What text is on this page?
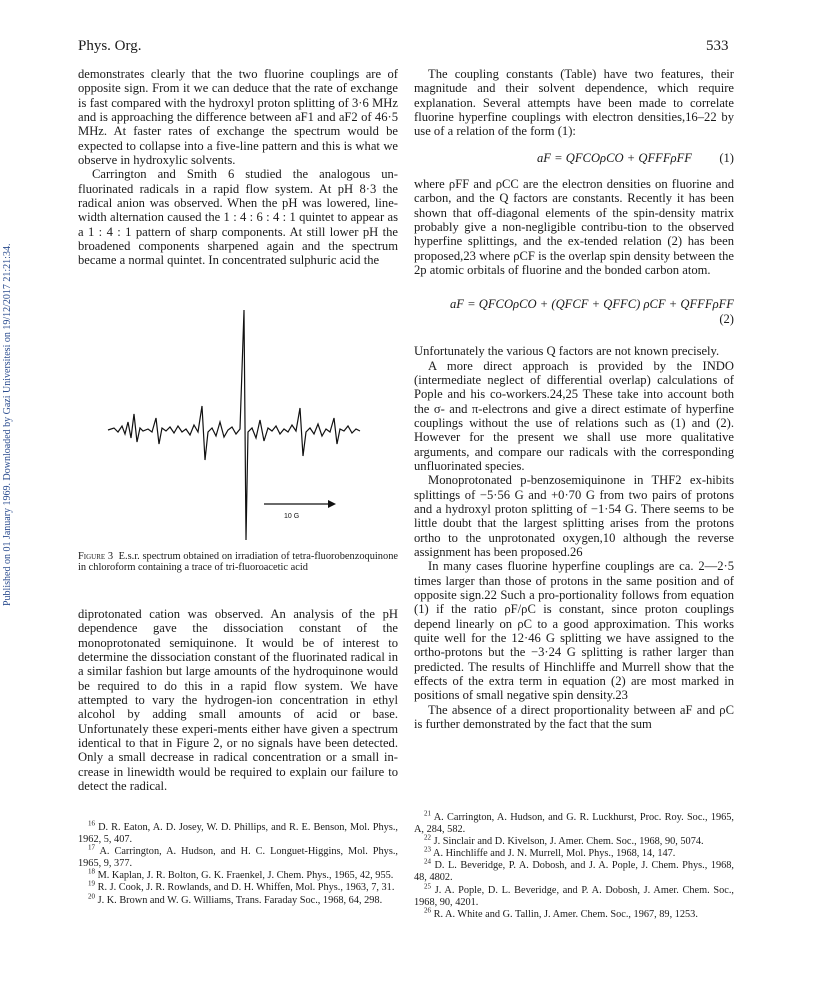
Phys. Org.	533
Published on 01 January 1969. Downloaded by Gazi Universitesi on 19/12/2017 21:21:34.

demonstrates clearly that the two fluorine couplings are of opposite sign. From it we can deduce that the rate of exchange is fast compared with the hydroxyl proton splitting of 3·6 MHz and is approaching the difference between aF1 and aF2 of 46·5 MHz. At faster rates of exchange the spectrum would be expected to collapse into a five-line pattern and this is what we observe in hydroxylic solvents.

Carrington and Smith 6 studied the analogous un-fluorinated radicals in a rapid flow system. At pH 8·3 the radical anion was observed. When the pH was lowered, line-width alternation caused the 1 : 4 : 6 : 4 : 1 quintet to appear as a 1 : 4 : 1 pattern of sharp components. At still lower pH the broadened components sharpened again and the spectrum became a normal quintet. In concentrated sulphuric acid the

10 G
Figure 3 E.s.r. spectrum obtained on irradiation of tetra-fluorobenzoquinone in chloroform containing a trace of tri-fluoroacetic acid

diprotonated cation was observed. An analysis of the pH dependence gave the dissociation constant of the monoprotonated semiquinone. It would be of interest to determine the dissociation constant of the fluorinated radical in a similar fashion but large amounts of the hydroquinone would be required to do this in a rapid flow system. We have attempted to vary the hydrogen-ion concentration in ethyl alcohol by adding small amounts of acid or base. Unfortunately these experi-ments either have given a spectrum identical to that in Figure 2, or no signals have been detected. Only a small decrease in radical concentration or a small in-crease in linewidth would be required to explain our failure to detect the radical.

$^{16}$ D. R. Eaton, A. D. Josey, W. D. Phillips, and R. E. Benson, Mol. Phys., 1962, 5, 407.

$^{17}$ A. Carrington, A. Hudson, and H. C. Longuet-Higgins, Mol. Phys., 1965, 9, 377.

$^{18}$ M. Kaplan, J. R. Bolton, G. K. Fraenkel, J. Chem. Phys., 1965, 42, 955.

$^{19}$ R. J. Cook, J. R. Rowlands, and D. H. Whiffen, Mol. Phys., 1963, 7, 31.

$^{20}$ J. K. Brown and W. G. Williams, Trans. Faraday Soc., 1968, 64, 298.

The coupling constants (Table) have two features, their magnitude and their solvent dependence, which require explanation. Several attempts have been made to correlate fluorine hyperfine couplings with electron densities,16–22 by use of a relation of the form (1):

aF = QFCOρCO + QFFFρFF (1)

where ρFF and ρCC are the electron densities on fluorine and carbon, and the Q factors are constants. Recently it has been shown that off-diagonal elements of the spin-density matrix probably give a non-negligible contribu-tion to the observed hyperfine splittings, and the ex-tended relation (2) has been proposed,23 where ρCF is the overlap spin density between the 2p atomic orbitals of fluorine and the bonded carbon atom.

aF = QFCOρCO + (QFCF + QFFC) ρCF + QFFFρFF(2)

Unfortunately the various Q factors are not known precisely.

A more direct approach is provided by the INDO (intermediate neglect of differential overlap) calculations of Pople and his co-workers.24,25 These take into account both the σ- and π-electrons and give a direct estimate of hyperfine couplings without the use of relations such as (1) and (2). However for the present we shall use more qualitative arguments, and compare our radicals with the corresponding unfluorinated species.

Monoprotonated p-benzosemiquinone in THF2 ex-hibits splittings of −5·56 G and +0·70 G from two pairs of protons and a hydroxyl proton splitting of −1·54 G. There seems to be little doubt that the largest splitting arises from the protons ortho to the unprotonated oxygen,10 although the reverse assignment has been proposed.26

In many cases fluorine hyperfine couplings are ca. 2—2·5 times larger than those of protons in the same position and of opposite sign.22 Such a pro-portionality follows from equation (1) if the ratio ρF/ρC is constant, since proton couplings depend linearly on ρC to a good approximation. This works quite well for the 12·46 G splitting we have assigned to the ortho-protons but the −3·24 G splitting is rather larger than predicted. The results of Hinchliffe and Murrell show that the effects of the extra term in equation (2) are most marked in positions of small negative spin density.23

The absence of a direct proportionality between aF and ρC is further demonstrated by the fact that the sum

$^{21}$ A. Carrington, A. Hudson, and G. R. Luckhurst, Proc. Roy. Soc., 1965, A, 284, 582.

$^{22}$ J. Sinclair and D. Kivelson, J. Amer. Chem. Soc., 1968, 90, 5074.

$^{23}$ A. Hinchliffe and J. N. Murrell, Mol. Phys., 1968, 14, 147.

$^{24}$ D. L. Beveridge, P. A. Dobosh, and J. A. Pople, J. Chem. Phys., 1968, 48, 4802.

$^{25}$ J. A. Pople, D. L. Beveridge, and P. A. Dobosh, J. Amer. Chem. Soc., 1968, 90, 4201.

$^{26}$ R. A. White and G. Tallin, J. Amer. Chem. Soc., 1967, 89, 1253.
